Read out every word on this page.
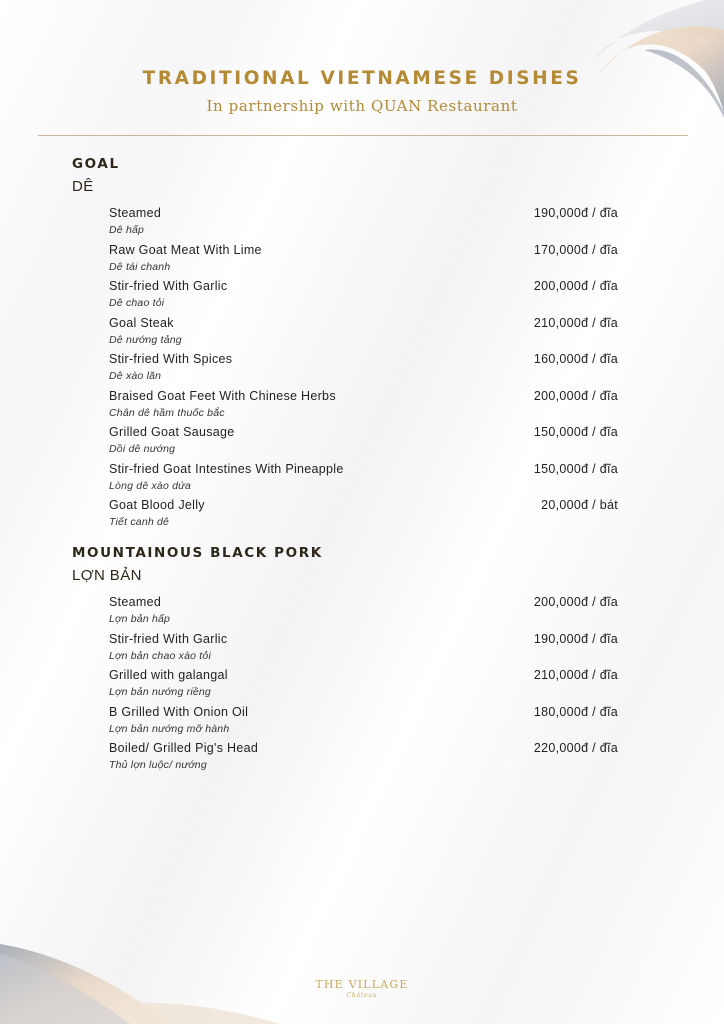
TRADITIONAL VIETNAMESE DISHES
In partnership with QUAN Restaurant
GOAL
DÊ
Steamed	190,000đ / đĩa
Dê hấp
Raw Goat Meat With Lime	170,000đ / đĩa
Dê tái chanh
Stir-fried With Garlic	200,000đ / đĩa
Dê chao tỏi
Goal Steak	210,000đ / đĩa
Dê nướng tảng
Stir-fried With Spices	160,000đ / đĩa
Dê xào lăn
Braised Goat Feet With Chinese Herbs	200,000đ / đĩa
Chân dê hầm thuốc bắc
Grilled Goat Sausage	150,000đ / đĩa
Dồi dê nướng
Stir-fried Goat Intestines With Pineapple	150,000đ / đĩa
Lòng dê xào dứa
Goat Blood Jelly	20,000đ / bát
Tiết canh dê
MOUNTAINOUS BLACK PORK
LỢN BẢN
Steamed	200,000đ / đĩa
Lợn bản hấp
Stir-fried With Garlic	190,000đ / đĩa
Lợn bản chao xào tỏi
Grilled with galangal	210,000đ / đĩa
Lợn bản nướng riềng
B Grilled With Onion Oil	180,000đ / đĩa
Lợn bản nướng mỡ hành
Boiled/ Grilled Pig's Head	220,000đ / đĩa
Thủ lợn luộc/ nướng
THE VILLAGE
Château
